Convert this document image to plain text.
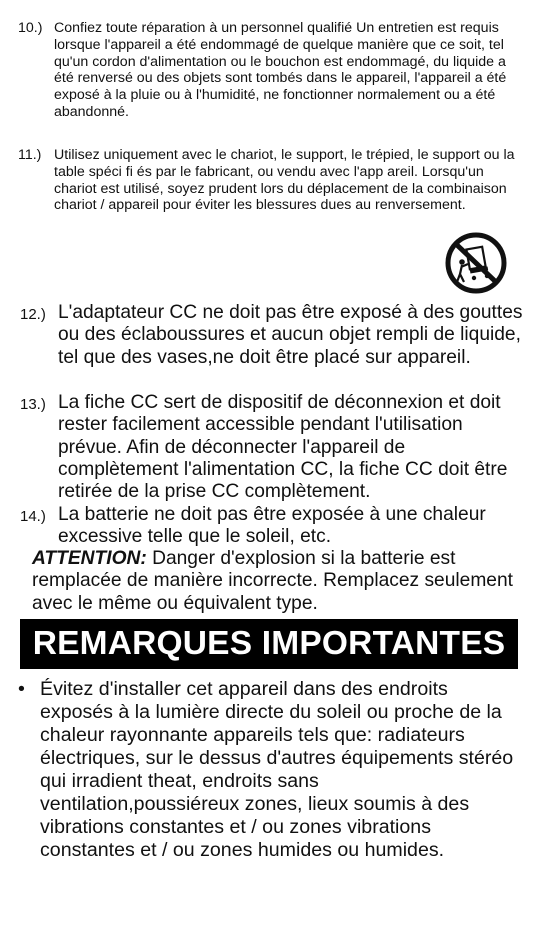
10.) Confiez toute réparation à un personnel qualifié Un entretien est requis lorsque l'appareil a été endommagé de quelque manière que ce soit, tel qu'un cordon d'alimentation ou le bouchon est endommagé, du liquide a été renversé ou des objets sont tombés dans le appareil, l'appareil a été exposé à la pluie ou à l'humidité, ne fonctionner normalement ou a été abandonné.
11.) Utilisez uniquement avec le chariot, le support, le trépied, le support ou la table spéci fi és par le fabricant, ou vendu avec l'app areil. Lorsqu'un chariot est utilisé, soyez prudent lors du déplacement de la combinaison chariot / appareil pour éviter les blessures dues au renversement.
12.) L'adaptateur CC ne doit pas être exposé à des gouttes ou des éclaboussures et aucun objet rempli de liquide, tel que des vases,ne doit être placé sur appareil.
13.) La fiche CC sert de dispositif de déconnexion et doit rester facilement accessible pendant l'utilisation prévue. Afin de déconnecter l'appareil de complètement l'alimentation CC, la fiche CC doit être retirée de la prise CC complètement.
14.) La batterie ne doit pas être exposée à une chaleur excessive telle que le soleil, etc.
ATTENTION: Danger d'explosion si la batterie est remplacée de manière incorrecte. Remplacez seulement avec le même ou équivalent type.
REMARQUES IMPORTANTES
• Évitez d'installer cet appareil dans des endroits exposés à la lumière directe du soleil ou proche de la chaleur rayonnante appareils tels que: radiateurs électriques, sur le dessus d'autres équipements stéréo qui irradient theat, endroits sans ventilation,poussiéreux zones, lieux soumis à des vibrations constantes et / ou zones vibrations constantes et / ou zones humides ou humides.
